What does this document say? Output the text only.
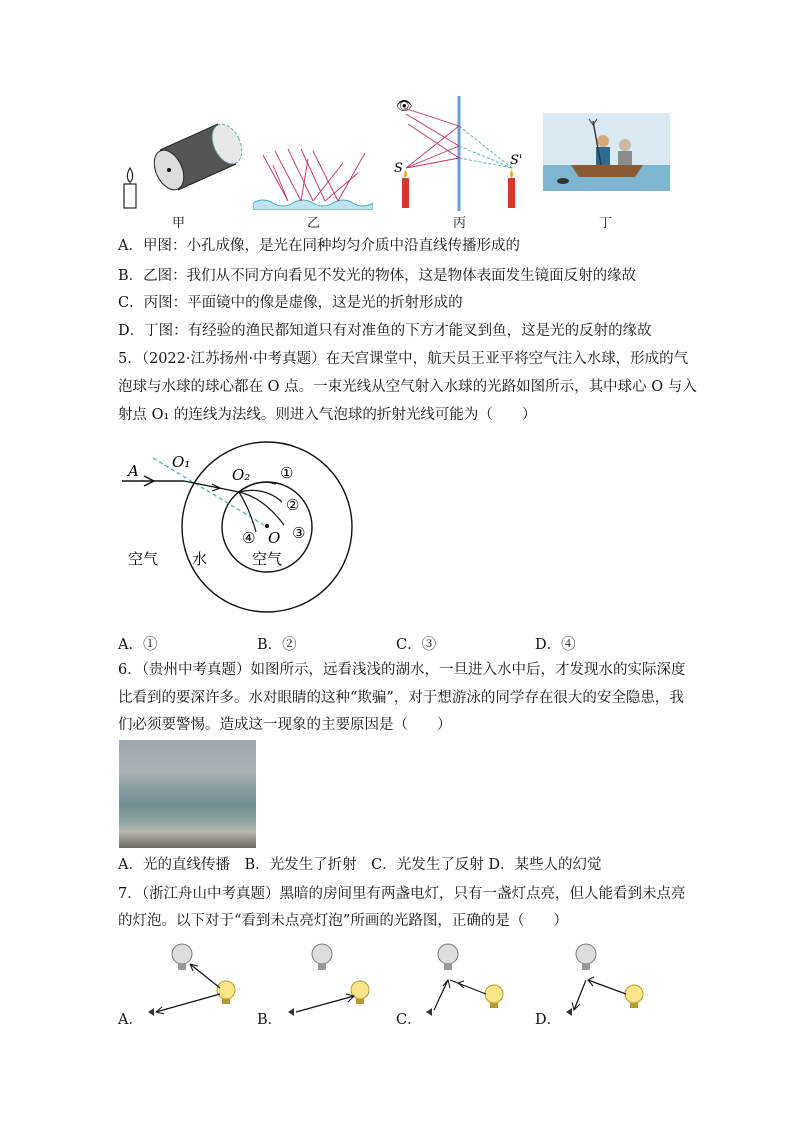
👁
S
S'
甲	乙	丙	丁
A．甲图：小孔成像，是光在同种均匀介质中沿直线传播形成的
B．乙图：我们从不同方向看见不发光的物体，这是物体表面发生镜面反射的缘故
C．丙图：平面镜中的像是虚像，这是光的折射形成的
D．丁图：有经验的渔民都知道只有对准鱼的下方才能叉到鱼，这是光的反射的缘故
5．（2022·江苏扬州·中考真题）在天宫课堂中，航天员王亚平将空气注入水球，形成的气
泡球与水球的球心都在 O 点。一束光线从空气射入水球的光路如图所示，其中球心 O 与入
射点 O₁ 的连线为法线。则进入气泡球的折射光线可能为（　　）
A O₁
O₂ ①
②
③
④ O
空气 水	空气
A．①	B．②	C．③	D．④
6．（贵州中考真题）如图所示，远看浅浅的湖水，一旦进入水中后，才发现水的实际深度
比看到的要深许多。水对眼睛的这种“欺骗”，对于想游泳的同学存在很大的安全隐患，我
们必须要警惕。造成这一现象的主要原因是（　　）
A．光的直线传播　B．光发生了折射　C．光发生了反射 D．某些人的幻觉
7．（浙江舟山中考真题）黑暗的房间里有两盏电灯，只有一盏灯点亮，但人能看到未点亮
的灯泡。以下对于“看到未点亮灯泡”所画的光路图，正确的是（　　）
A．	B．	C．	D．
